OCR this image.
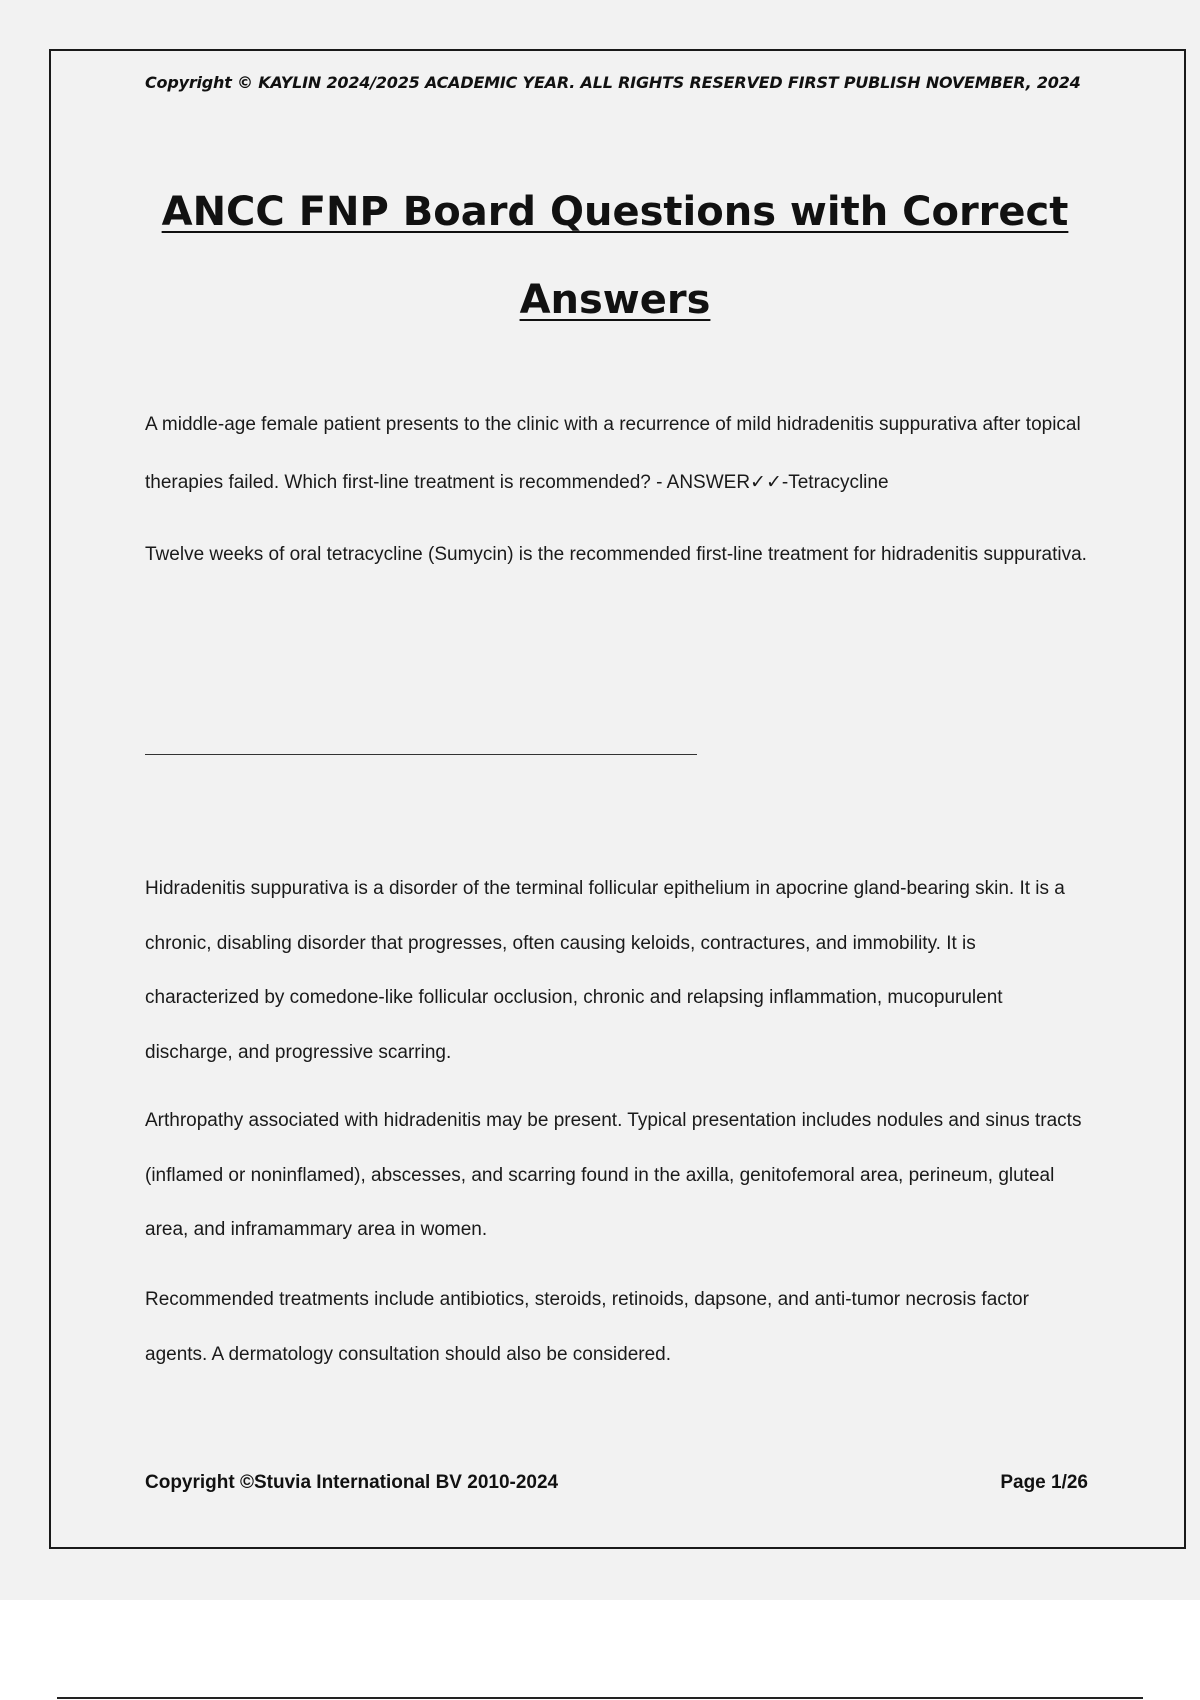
Copyright © KAYLIN 2024/2025 ACADEMIC YEAR. ALL RIGHTS RESERVED FIRST PUBLISH NOVEMBER, 2024
ANCC FNP Board Questions with Correct Answers

A middle-age female patient presents to the clinic with a recurrence of mild hidradenitis suppurativa after topical therapies failed. Which first-line treatment is recommended? - ANSWER✓✓-Tetracycline

Twelve weeks of oral tetracycline (Sumycin) is the recommended first-line treatment for hidradenitis suppurativa.

Hidradenitis suppurativa is a disorder of the terminal follicular epithelium in apocrine gland-bearing skin. It is a chronic, disabling disorder that progresses, often causing keloids, contractures, and immobility. It is characterized by comedone-like follicular occlusion, chronic and relapsing inflammation, mucopurulent discharge, and progressive scarring.

Arthropathy associated with hidradenitis may be present. Typical presentation includes nodules and sinus tracts (inflamed or noninflamed), abscesses, and scarring found in the axilla, genitofemoral area, perineum, gluteal area, and inframammary area in women.

Recommended treatments include antibiotics, steroids, retinoids, dapsone, and anti-tumor necrosis factor agents. A dermatology consultation should also be considered.

Copyright ©Stuvia International BV 2010-2024	Page 1/26
